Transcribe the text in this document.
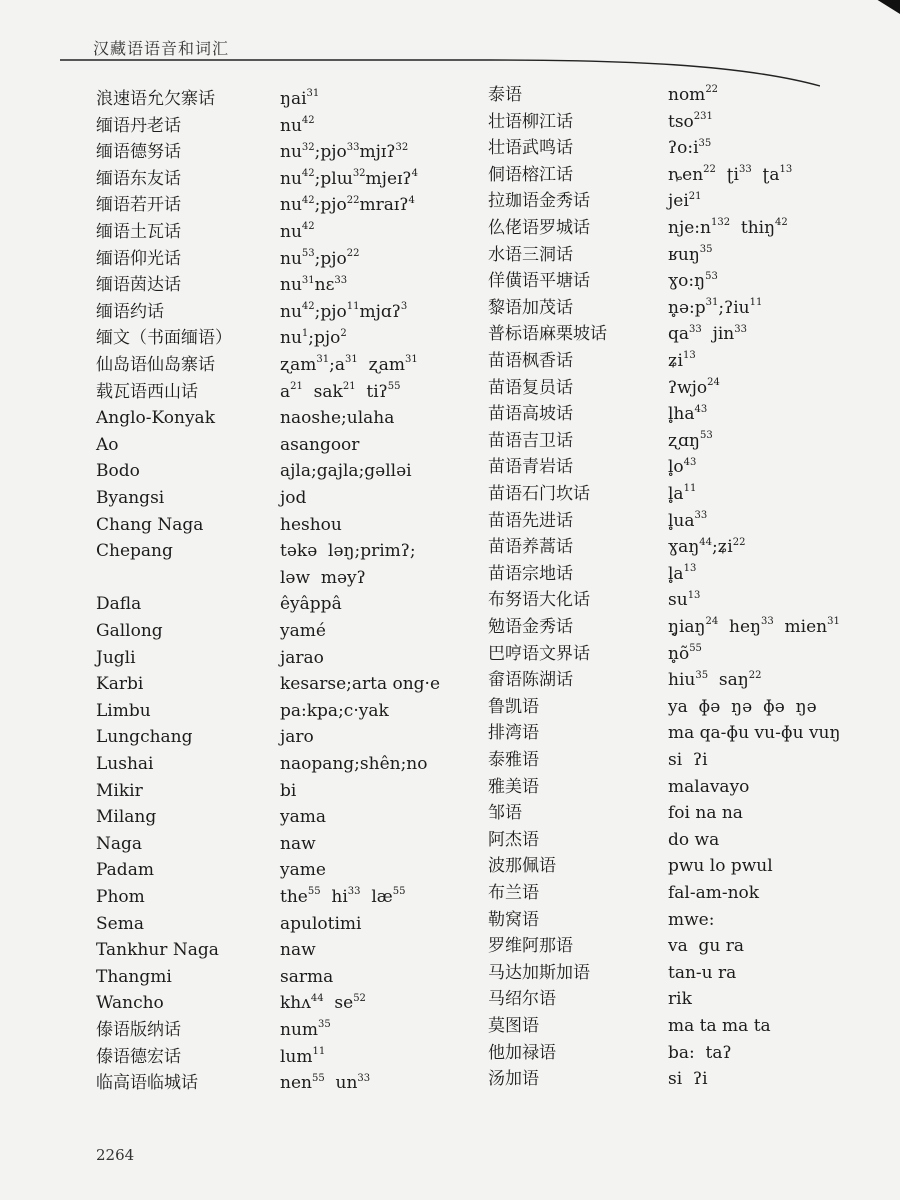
汉藏语语音和词汇
浪速语允欠寨话	ŋai$^{31}$
缅语丹老话	$nu^{42}$
缅语德努话	$nu^{32};pjo^{33}mjɪʔ^{32}$
缅语东友话	$nu^{42};plɯ^{32}mjeɪʔ^4$
缅语若开话	$nu^{42};pjo^{22}mraɪʔ^4$
缅语土瓦话	$nu^{42}$
缅语仰光话	$nu^{53};pjo^{22}$
缅语茵达话	$nu^{31}nɛ^{33}$
缅语约话	$nu^{42};pjo^{11}mjɑʔ^3$
缅文（书面缅语）	$nu^1;pjo^2$
仙岛语仙岛寨话	$ʐam^{31};a^{31}$  ʐam$^{31}$
载瓦语西山话	$a^{21}$  sak$^{21}$  tiʔ$^{55}$
Anglo-Konyak	naoshe;ulaha
Ao	asangoor
Bodo	ajla;gajla;gəlləi
Byangsi	jod
Chang Naga	heshou
Chepang	təkə  ləŋ;primʔ;
ləw  məyʔ
Dafla	êyâppâ
Gallong	yamé
Jugli	jarao
Karbi	kesarse;arta ong·e
Limbu	pa:kpa;c·yak
Lungchang	jaro
Lushai	naopang;shên;no
Mikir	bi
Milang	yama
Naga	naw
Padam	yame
Phom	the$^{55}$  $hi^{33}$  $læ^{55}$
Sema	apulotimi
Tankhur Naga	naw
Thangmi	sarma
Wancho	khʌ$^{44}$  $se^{52}$
傣语版纳话	num$^{35}$
傣语德宏话	lum$^{11}$
临高语临城话	nen$^{55}$  $un^{33}$
泰语	nom$^{22}$
壮语柳江话	tso$^{231}$
壮语武鸣话	$ʔo:i^{35}$
侗语榕江话	ȵen$^{22}$  ʈi$^{33}$  ʈa$^{13}$
拉珈语金秀话	jei$^{21}$
仫佬语罗城话	$nje:n^{132}$  thiŋ$^{42}$
水语三洞话	ʁuŋ$^{35}$
佯僙语平塘话	$ɣo:ŋ^{53}$
黎语加茂话	$n̥ə:p^{31};ʔiu^{11}$
普标语麻栗坡话	$qa^{33}$  jin$^{33}$
苗语枫香话	ʑi$^{13}$
苗语复员话	ʔwjo$^{24}$
苗语高坡话	$l̥ha^{43}$
苗语吉卫话	ʐɑŋ$^{53}$
苗语青岩话	$l̥o^{43}$
苗语石门坎话	$l̥a^{11}$
苗语先进话	$l̥ua^{33}$
苗语养蒿话	ɣaŋ$^{44}$;ʑi$^{22}$
苗语宗地话	$l̥a^{13}$
布努语大化话	$su^{13}$
勉语金秀话	ŋ̥iaŋ$^{24}$  heŋ$^{33}$  mien$^{31}$
巴哼语文界话	$n̥õ^{55}$
畲语陈湖话	hiu$^{35}$  saŋ$^{22}$
鲁凯语	ya  ɸə  ŋə  ɸə  ŋə
排湾语	ma qa-ɸu vu-ɸu vuŋ
泰雅语	si  ʔi
雅美语	malavayo
邹语	foi na na
阿杰语	do wa
波那佩语	pwu lo pwul
布兰语	fal-am-nok
勒窝语	mwe:
罗维阿那语	va  gu ra
马达加斯加语	tan-u ra
马绍尔语	rik
莫图语	ma ta ma ta
他加禄语	ba:  taʔ
汤加语	si  ʔi
2264
